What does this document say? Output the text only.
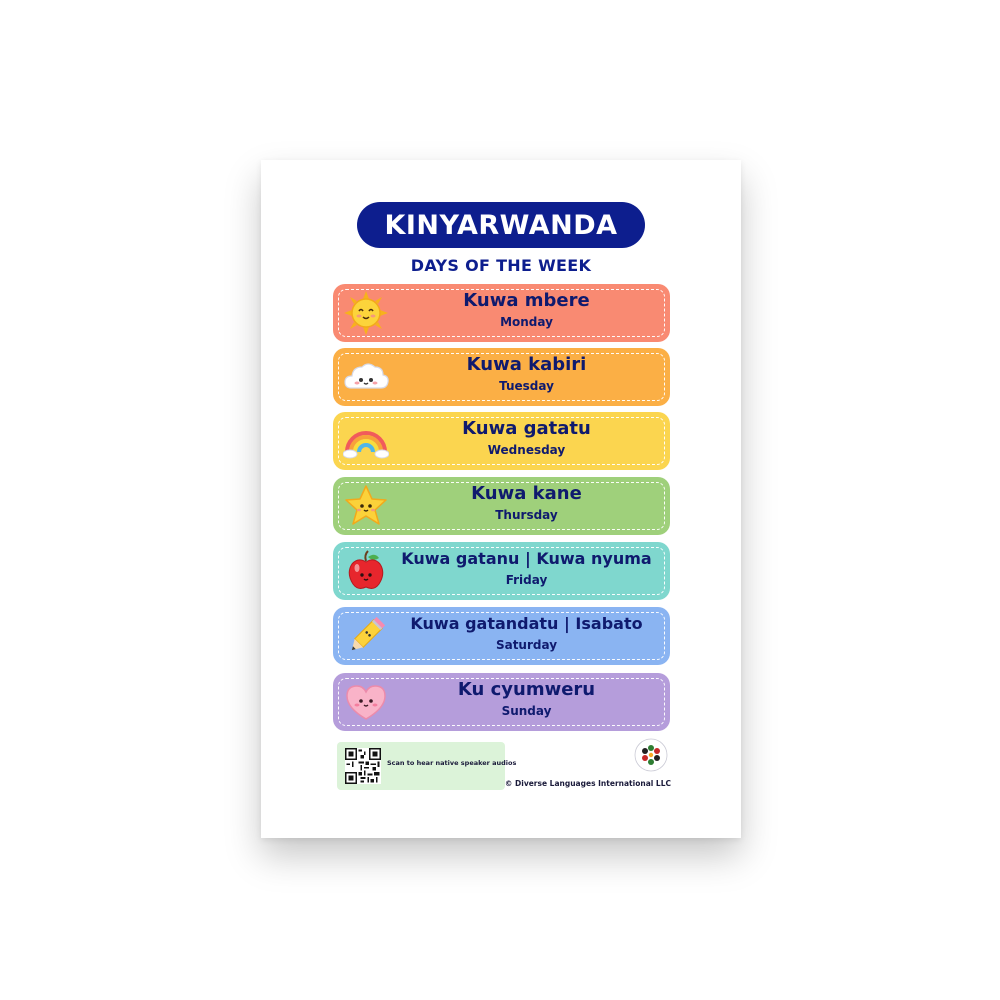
KINYARWANDA
DAYS OF THE WEEK
Kuwa mbere
Monday
Kuwa kabiri
Tuesday
Kuwa gatatu
Wednesday
Kuwa kane
Thursday
Kuwa gatanu | Kuwa nyuma
Friday
Kuwa gatandatu | Isabato
Saturday
Ku cyumweru
Sunday
Scan to hear native speaker audios
© Diverse Languages International LLC
